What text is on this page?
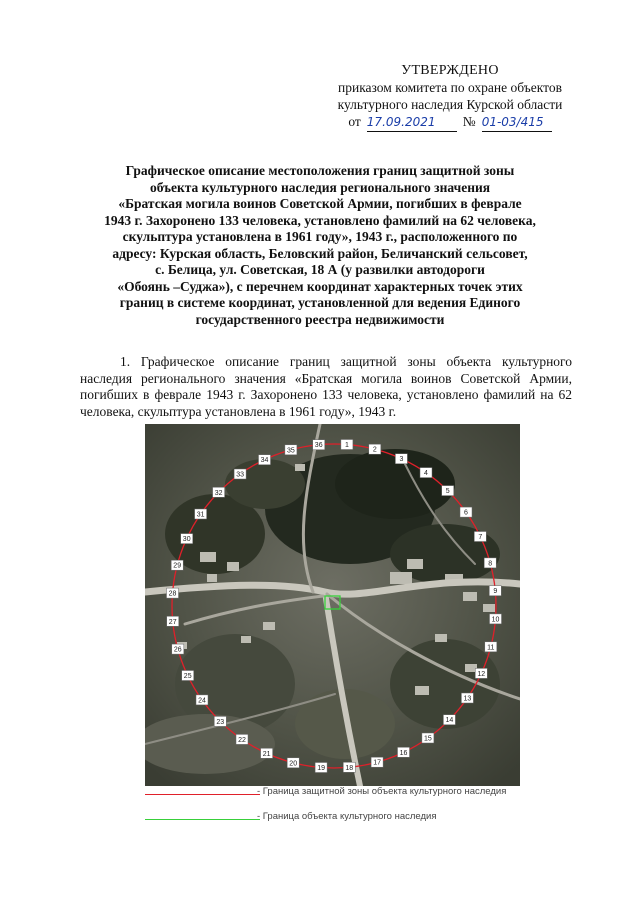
УТВЕРЖДЕНО
приказом комитета по охране объектов
культурного наследия Курской области
от 17.09.2021	№ 01-03/415
Графическое описание местоположения границ защитной зоны
объекта культурного наследия регионального значения
«Братская могила воинов Советской Армии, погибших в феврале
1943 г. Захоронено 133 человека, установлено фамилий на 62 человека,
скульптура установлена в 1961 году», 1943 г., расположенного по
адресу: Курская область, Беловский район, Беличанский сельсовет,
с. Белица, ул. Советская, 18 А (у развилки автодороги
«Обоянь –Суджа»), с перечнем координат характерных точек этих
границ в системе координат, установленной для ведения Единого
государственного реестра недвижимости

1. Графическое описание границ защитной зоны объекта культурного наследия регионального значения «Братская могила воинов Советской Армии, погибших в феврале 1943 г. Захоронено 133 человека, установлено фамилий на 62 человека, скульптура установлена в 1961 году», 1943 г.

1
2
3
4
5
6
7
8
9
10
11
12
13
14
15
16
17
18
19
20
21
22
23
24
25
26
27
28
29
30
31
32
33
34
35
36
- Граница защитной зоны объекта культурного наследия
- Граница объекта культурного наследия
